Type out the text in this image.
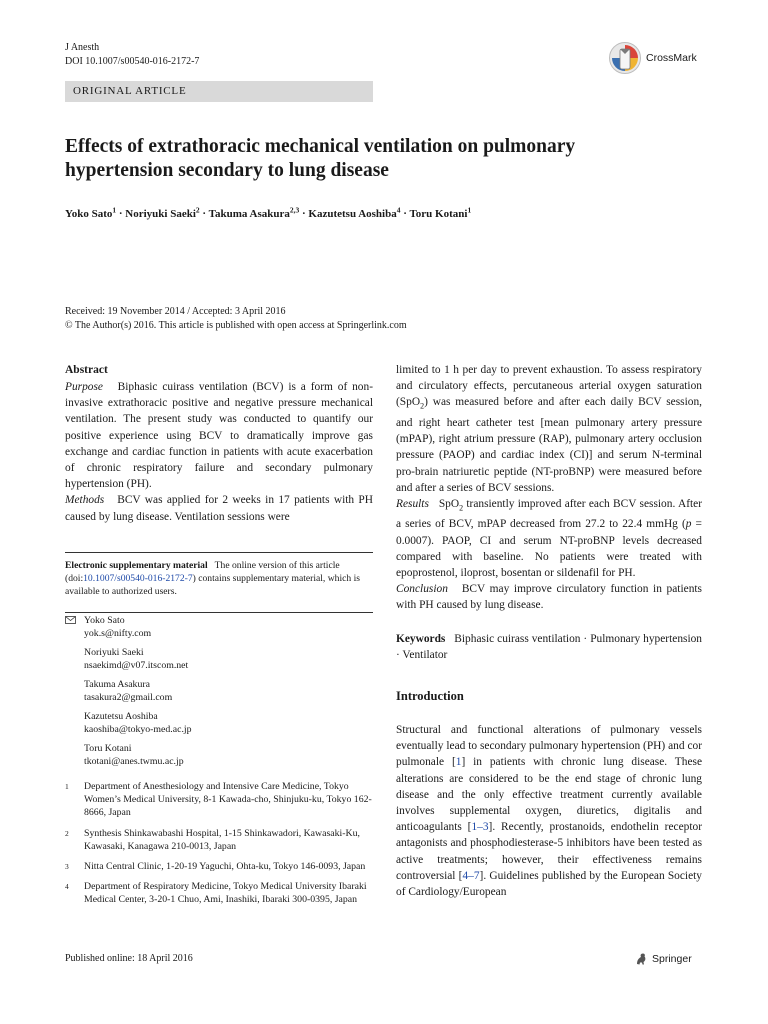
J Anesth
DOI 10.1007/s00540-016-2172-7	CrossMark
ORIGINAL ARTICLE
Effects of extrathoracic mechanical ventilation on pulmonary hypertension secondary to lung disease
Yoko Sato$^1$ · Noriyuki Saeki$^2$ · Takuma Asakura$^{2,3}$ · Kazutetsu Aoshiba$^4$ · Toru Kotani$^1$
Received: 19 November 2014 / Accepted: 3 April 2016
© The Author(s) 2016. This article is published with open access at Springerlink.com

Abstract

Purpose Biphasic cuirass ventilation (BCV) is a form of non-invasive extrathoracic positive and negative pressure mechanical ventilation. The present study was conducted to quantify our positive experience using BCV to dramatically improve gas exchange and cardiac function in patients with acute exacerbation of chronic respiratory failure and secondary pulmonary hypertension (PH).

Methods   BCV was applied for 2 weeks in 17 patients with PH caused by lung disease. Ventilation sessions were

Electronic supplementary material The online version of this article (doi:10.1007/s00540-016-2172-7) contains supplementary material, which is available to authorized users.
Yoko Sato
yok.s@nifty.com
Noriyuki Saeki
nsaekimd@v07.itscom.net
Takuma Asakura
tasakura2@gmail.com
Kazutetsu Aoshiba
kaoshiba@tokyo-med.ac.jp
Toru Kotani
tkotani@anes.twmu.ac.jp
1	Department of Anesthesiology and Intensive Care Medicine, Tokyo Women’s Medical University, 8-1 Kawada-cho, Shinjuku-ku, Tokyo 162-8666, Japan
2	Synthesis Shinkawabashi Hospital, 1-15 Shinkawadori, Kawasaki-Ku, Kawasaki, Kanagawa 210-0013, Japan
3	Nitta Central Clinic, 1-20-19 Yaguchi, Ohta-ku, Tokyo 146-0093, Japan
4	Department of Respiratory Medicine, Tokyo Medical University Ibaraki Medical Center, 3-20-1 Chuo, Ami, Inashiki, Ibaraki 300-0395, Japan

limited to 1 h per day to prevent exhaustion. To assess respiratory and circulatory effects, percutaneous arterial oxygen saturation (SpO$_2$) was measured before and after each daily BCV session, and right heart catheter test [mean pulmonary artery pressure (mPAP), right atrium pressure (RAP), pulmonary artery occlusion pressure (PAOP) and cardiac index (CI)] and serum N-terminal pro-brain natriuretic peptide (NT-proBNP) were measured before and after a series of BCV sessions.

Results SpO$_2$ transiently improved after each BCV session. After a series of BCV, mPAP decreased from 27.2 to 22.4 mmHg (p = 0.0007). PAOP, CI and serum NT-proBNP levels decreased compared with baseline. No patients were treated with epoprostenol, iloprost, bosentan or sildenafil for PH.

Conclusion BCV may improve circulatory function in patients with PH caused by lung disease.

Keywords Biphasic cuirass ventilation · Pulmonary hypertension · Ventilator

Introduction

Structural and functional alterations of pulmonary vessels eventually lead to secondary pulmonary hypertension (PH) and cor pulmonale [1] in patients with chronic lung disease. These alterations are considered to be the end stage of chronic lung disease and the only effective treatment currently available involves supplemental oxygen, diuretics, digitalis and anticoagulants [1–3]. Recently, prostanoids, endothelin receptor antagonists and phosphodiesterase-5 inhibitors have been tested as active treatments; however, their effectiveness remains controversial [4–7]. Guidelines published by the European Society of Cardiology/European

Published online: 18 April 2016	Springer
